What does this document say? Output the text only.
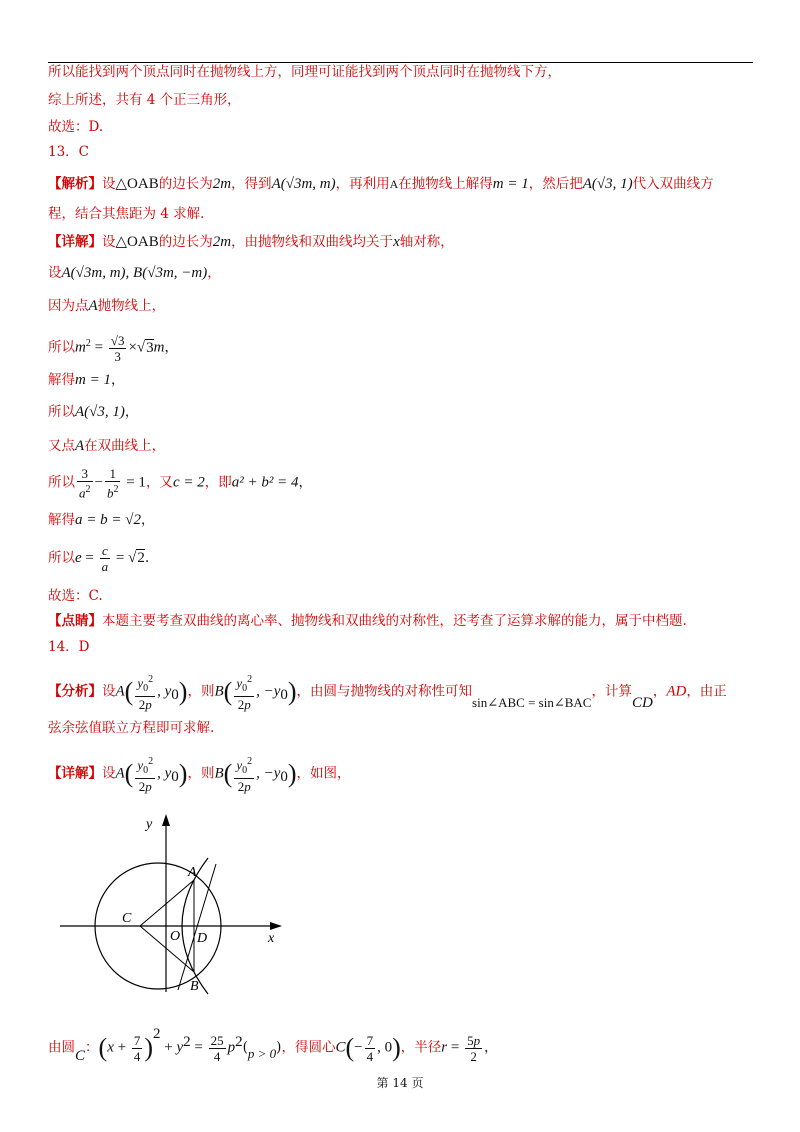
所以能找到两个顶点同时在抛物线上方，同理可证能找到两个顶点同时在抛物线下方，
综上所述，共有 4 个正三角形，
故选：D.
13．C
【解析】设△OAB的边长为2m，得到A(√3m, m)，再利用A在抛物线上解得m = 1，然后把A(√3, 1)代入双曲线方
程，结合其焦距为 4 求解.
【详解】设△OAB的边长为2m，由抛物线和双曲线均关于x轴对称，
设A(√3m, m), B(√3m, −m)，
因为点A抛物线上，
所以$m^2 = \frac{√3}{3} \times√3m$，
解得m = 1，
所以A(√3, 1)，
又点A在双曲线上，
所以 $\frac{3}{a^2} - \frac{1}{b^2} = 1$，又c = 2，即a² + b² = 4，
解得a = b = √2，
所以$e = \frac{c}{a} = √2$.
故选：C.
【点睛】本题主要考查双曲线的离心率、抛物线和双曲线的对称性，还考查了运算求解的能力，属于中档题.
14．D
【分析】设$A( \frac{y_0^2}{2p}$ , $y_0$)，则$B( \frac{y_0^2}{2p}$ , $-y_0$)，由圆与抛物线的对称性可知sin∠ABC = sin∠BAC，计算CD，AD，由正
弦余弦值联立方程即可求解.
【详解】设$A( \frac{y_0^2}{2p}$ , $y_0$)，则$B( \frac{y_0^2}{2p}$ , $-y_0$)，如图，
y
x
A
B
C
O D
由圆C：$(x + \frac{7}{4} )^2 + y^2 = \frac{25}{4} p^2(p > 0)$，得圆心$C(- \frac{7}{4}$ , 0)，半径$r = \frac{5p}{2}$ ，
第 14 页
